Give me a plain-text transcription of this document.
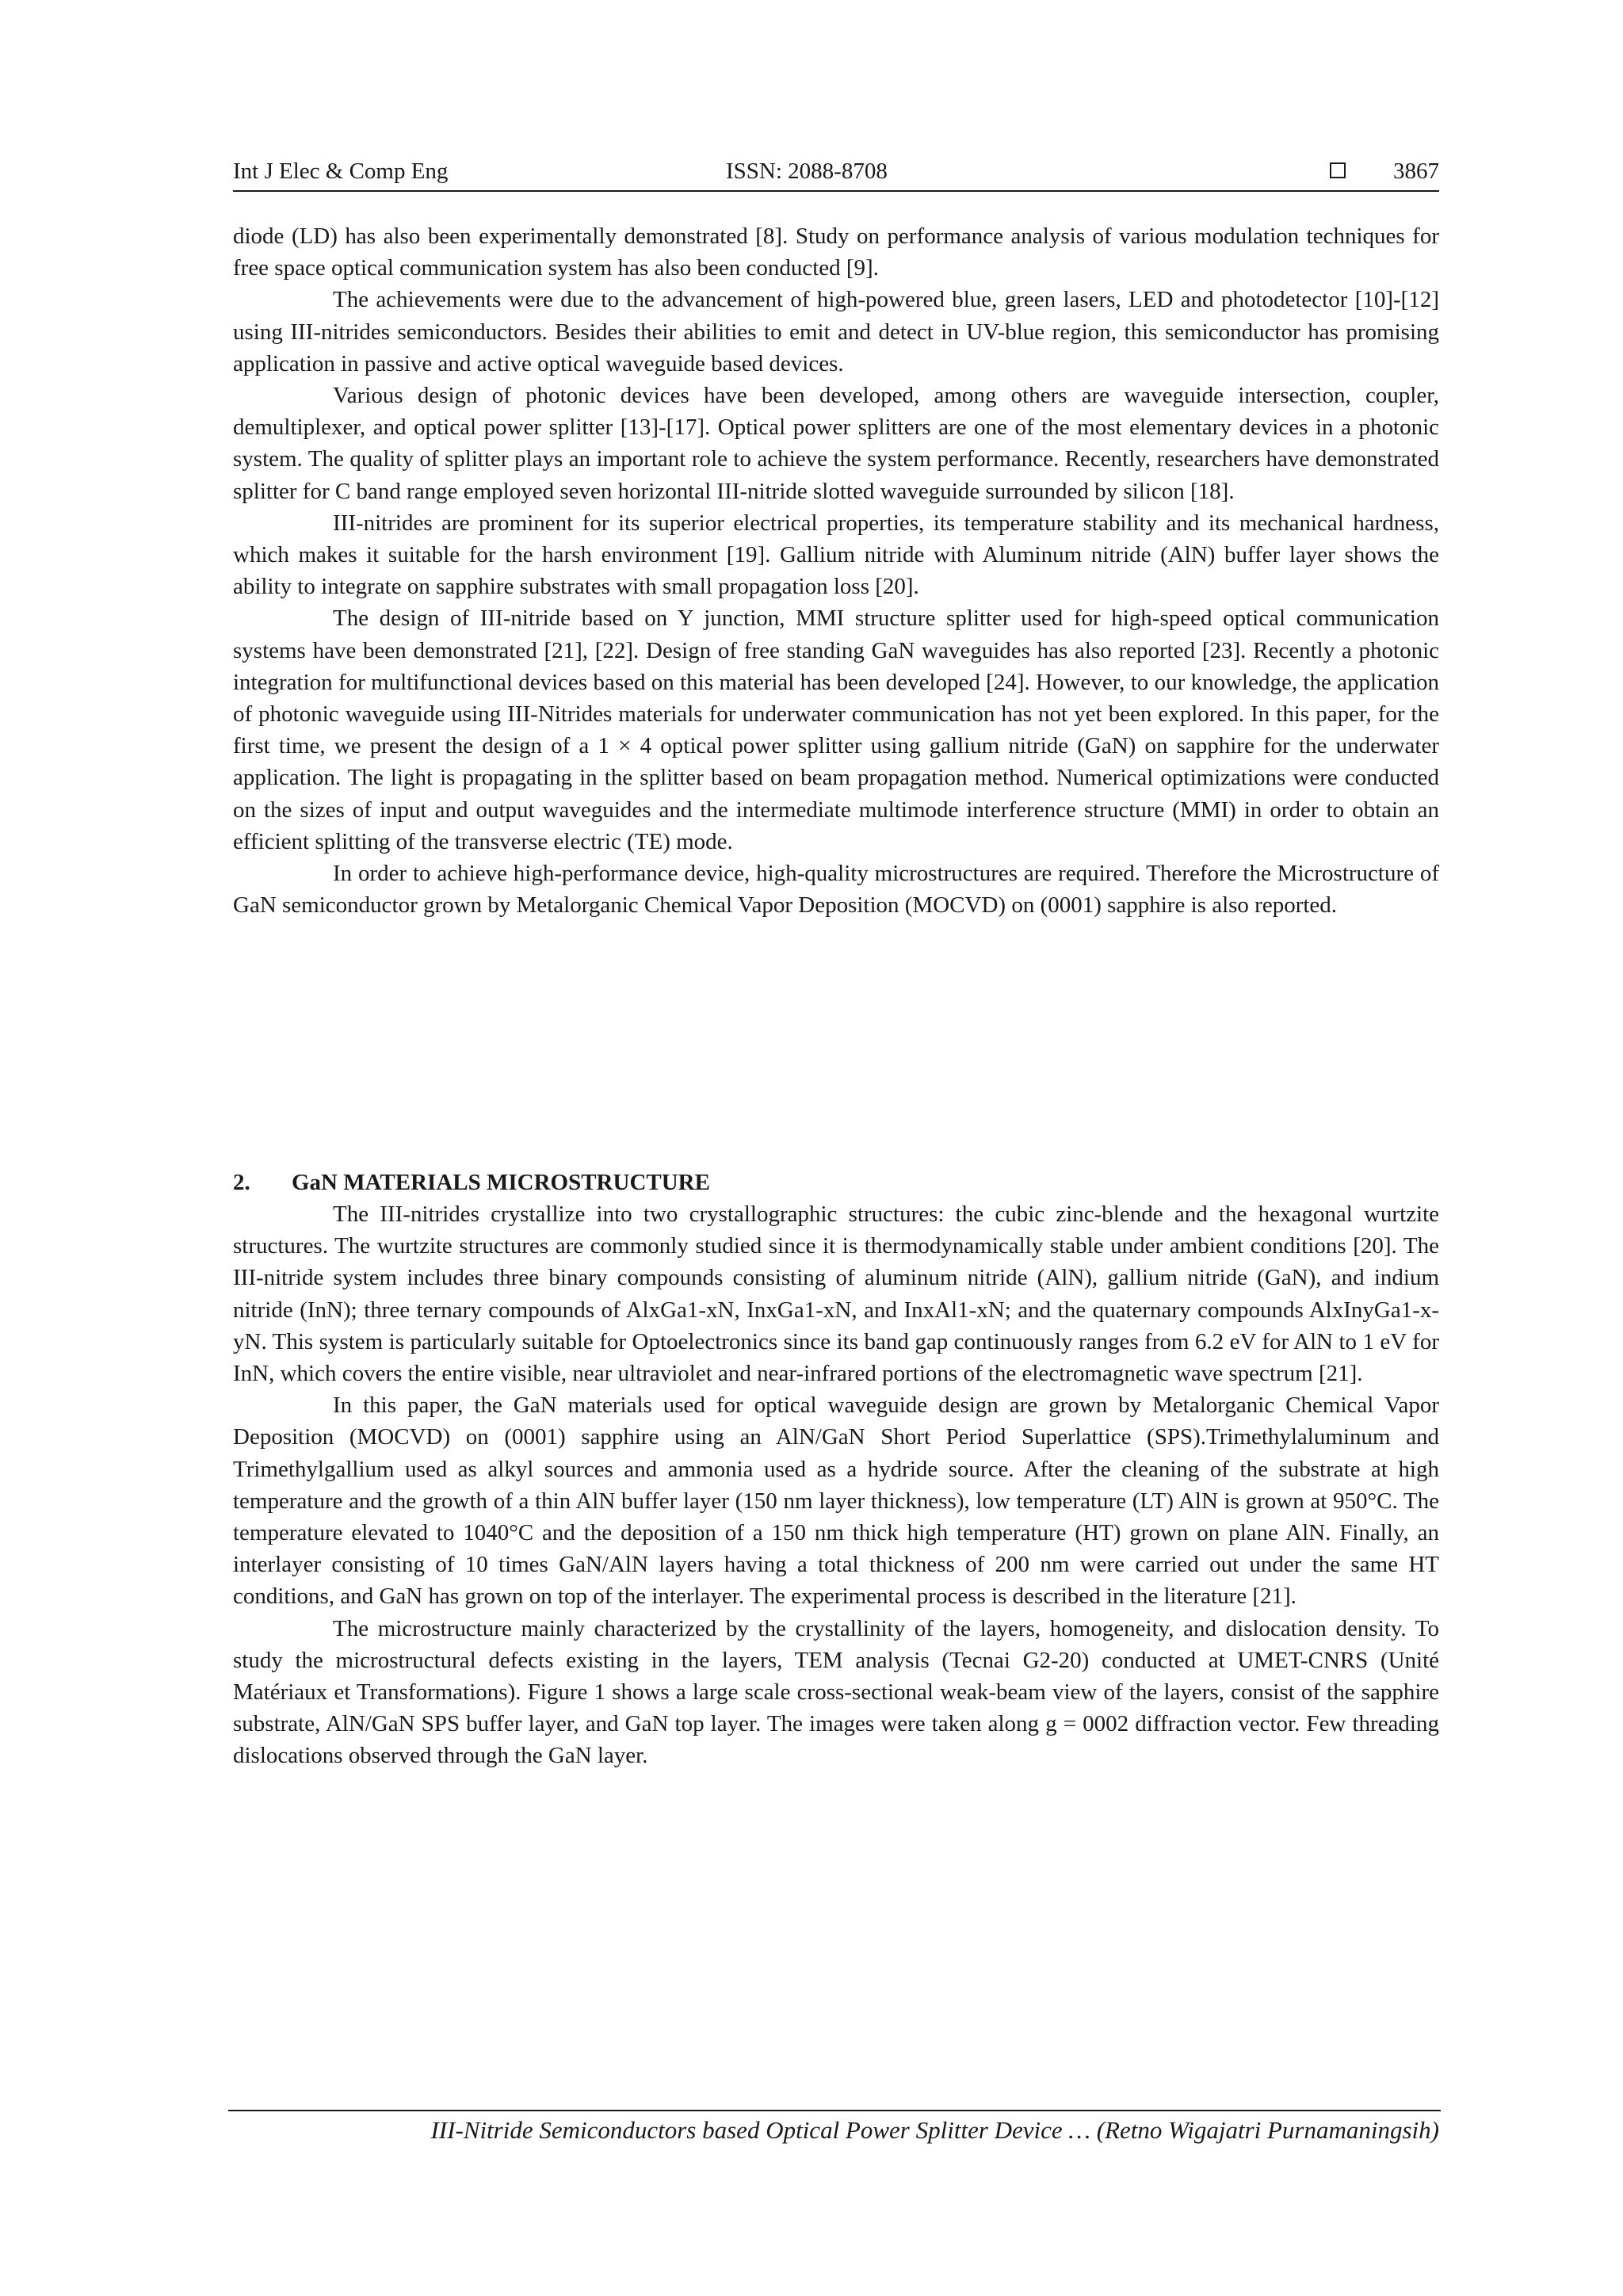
Int J Elec & Comp Eng	ISSN: 2088-8708	3867

diode (LD) has also been experimentally demonstrated [8]. Study on performance analysis of various modulation techniques for free space optical communication system has also been conducted [9].

The achievements were due to the advancement of high-powered blue, green lasers, LED and photodetector [10]-[12] using III-nitrides semiconductors. Besides their abilities to emit and detect in UV-blue region, this semiconductor has promising application in passive and active optical waveguide based devices.

Various design of photonic devices have been developed, among others are waveguide intersection, coupler, demultiplexer, and optical power splitter [13]-[17]. Optical power splitters are one of the most elementary devices in a photonic system. The quality of splitter plays an important role to achieve the system performance. Recently, researchers have demonstrated splitter for C band range employed seven horizontal III-nitride slotted waveguide surrounded by silicon [18].

III-nitrides are prominent for its superior electrical properties, its temperature stability and its mechanical hardness, which makes it suitable for the harsh environment [19]. Gallium nitride with Aluminum nitride (AlN) buffer layer shows the ability to integrate on sapphire substrates with small propagation loss [20].

The design of III-nitride based on Y junction, MMI structure splitter used for high-speed optical communication systems have been demonstrated [21], [22]. Design of free standing GaN waveguides has also reported [23]. Recently a photonic integration for multifunctional devices based on this material has been developed [24]. However, to our knowledge, the application of photonic waveguide using III-Nitrides materials for underwater communication has not yet been explored. In this paper, for the first time, we present the design of a 1 × 4 optical power splitter using gallium nitride (GaN) on sapphire for the underwater application. The light is propagating in the splitter based on beam propagation method. Numerical optimizations were conducted on the sizes of input and output waveguides and the intermediate multimode interference structure (MMI) in order to obtain an efficient splitting of the transverse electric (TE) mode.

In order to achieve high-performance device, high-quality microstructures are required. Therefore the Microstructure of GaN semiconductor grown by Metalorganic Chemical Vapor Deposition (MOCVD) on (0001) sapphire is also reported.

2. GaN MATERIALS MICROSTRUCTURE

The III-nitrides crystallize into two crystallographic structures: the cubic zinc-blende and the hexagonal wurtzite structures. The wurtzite structures are commonly studied since it is thermodynamically stable under ambient conditions [20]. The III-nitride system includes three binary compounds consisting of aluminum nitride (AlN), gallium nitride (GaN), and indium nitride (InN); three ternary compounds of AlxGa1-xN, InxGa1-xN, and InxAl1-xN; and the quaternary compounds AlxInyGa1-x-yN. This system is particularly suitable for Optoelectronics since its band gap continuously ranges from 6.2 eV for AlN to 1 eV for InN, which covers the entire visible, near ultraviolet and near-infrared portions of the electromagnetic wave spectrum [21].

In this paper, the GaN materials used for optical waveguide design are grown by Metalorganic Chemical Vapor Deposition (MOCVD) on (0001) sapphire using an AlN/GaN Short Period Superlattice (SPS).Trimethylaluminum and Trimethylgallium used as alkyl sources and ammonia used as a hydride source. After the cleaning of the substrate at high temperature and the growth of a thin AlN buffer layer (150 nm layer thickness), low temperature (LT) AlN is grown at 950°C. The temperature elevated to 1040°C and the deposition of a 150 nm thick high temperature (HT) grown on plane AlN. Finally, an interlayer consisting of 10 times GaN/AlN layers having a total thickness of 200 nm were carried out under the same HT conditions, and GaN has grown on top of the interlayer. The experimental process is described in the literature [21].

The microstructure mainly characterized by the crystallinity of the layers, homogeneity, and dislocation density. To study the microstructural defects existing in the layers, TEM analysis (Tecnai G2-20) conducted at UMET-CNRS (Unité Matériaux et Transformations). Figure 1 shows a large scale cross-sectional weak-beam view of the layers, consist of the sapphire substrate, AlN/GaN SPS buffer layer, and GaN top layer. The images were taken along g = 0002 diffraction vector. Few threading dislocations observed through the GaN layer.

III-Nitride Semiconductors based Optical Power Splitter Device … (Retno Wigajatri Purnamaningsih)
